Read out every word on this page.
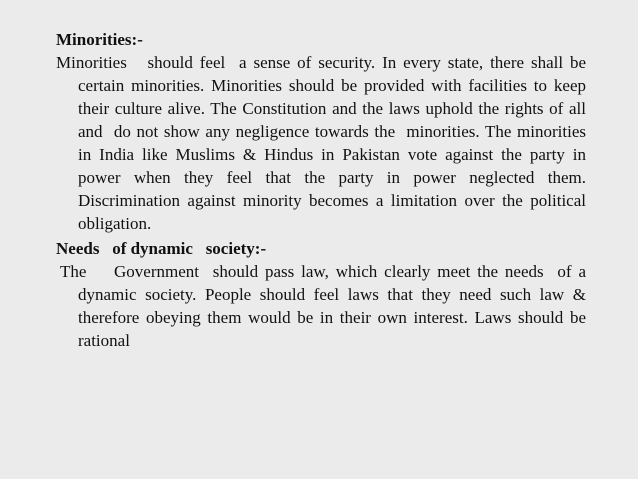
Minorities:-

Minorities   should feel  a sense of security. In every state, there shall be certain minorities. Minorities should be provided with facilities to keep their culture alive. The Constitution and the laws uphold the rights of all and  do not show any negligence towards the  minorities. The minorities in India like Muslims & Hindus in Pakistan vote against the party in power when they feel that the party in power neglected them. Discrimination against minority becomes a limitation over the political obligation.

Needs   of dynamic   society:-

The    Government  should pass law, which clearly meet the needs  of a dynamic society. People should feel laws that they need such law & therefore obeying them would be in their own interest. Laws should be rational
